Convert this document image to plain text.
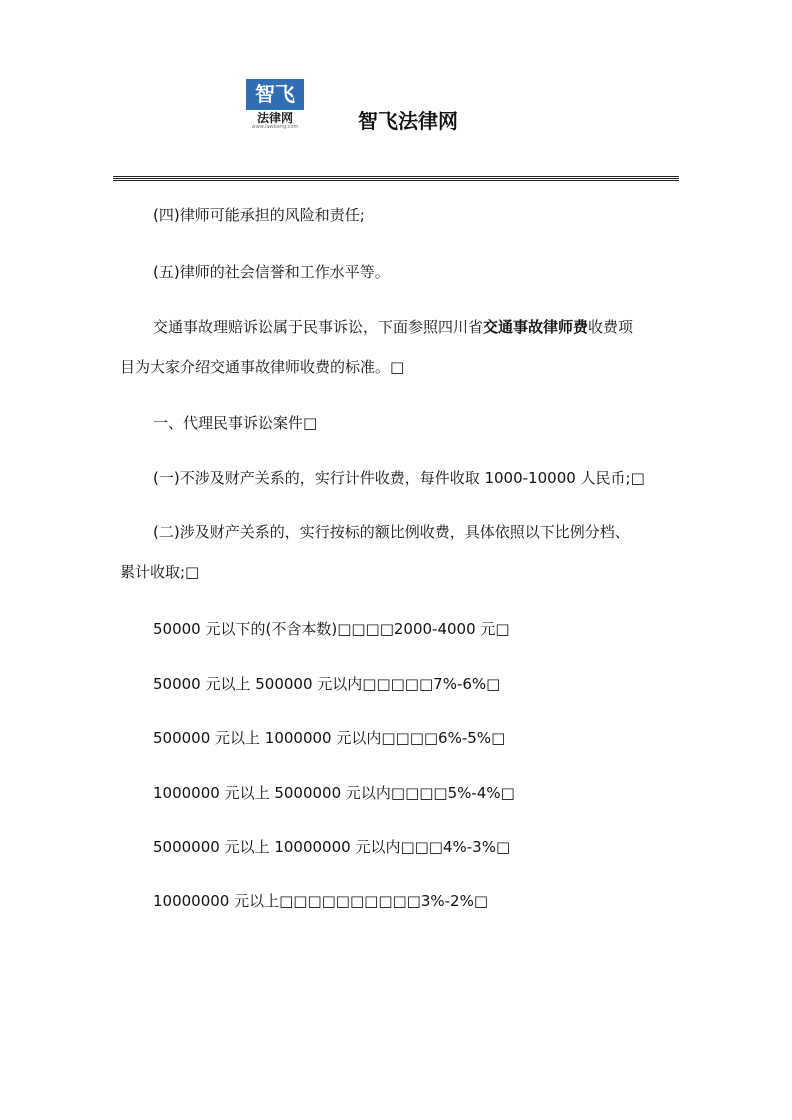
智飞
法律网
www.lawbang.com	智飞法律网
(四)律师可能承担的风险和责任;
(五)律师的社会信誉和工作水平等。
交通事故理赔诉讼属于民事诉讼，下面参照四川省交通事故律师费收费项
目为大家介绍交通事故律师收费的标准。□
一、代理民事诉讼案件□
(一)不涉及财产关系的，实行计件收费，每件收取 1000-10000 人民币;□
(二)涉及财产关系的，实行按标的额比例收费，具体依照以下比例分档、
累计收取;□
50000 元以下的(不含本数)□□□□2000-4000 元□
50000 元以上 500000 元以内□□□□□7%-6%□
500000 元以上 1000000 元以内□□□□6%-5%□
1000000 元以上 5000000 元以内□□□□5%-4%□
5000000 元以上 10000000 元以内□□□4%-3%□
10000000 元以上□□□□□□□□□□3%-2%□
